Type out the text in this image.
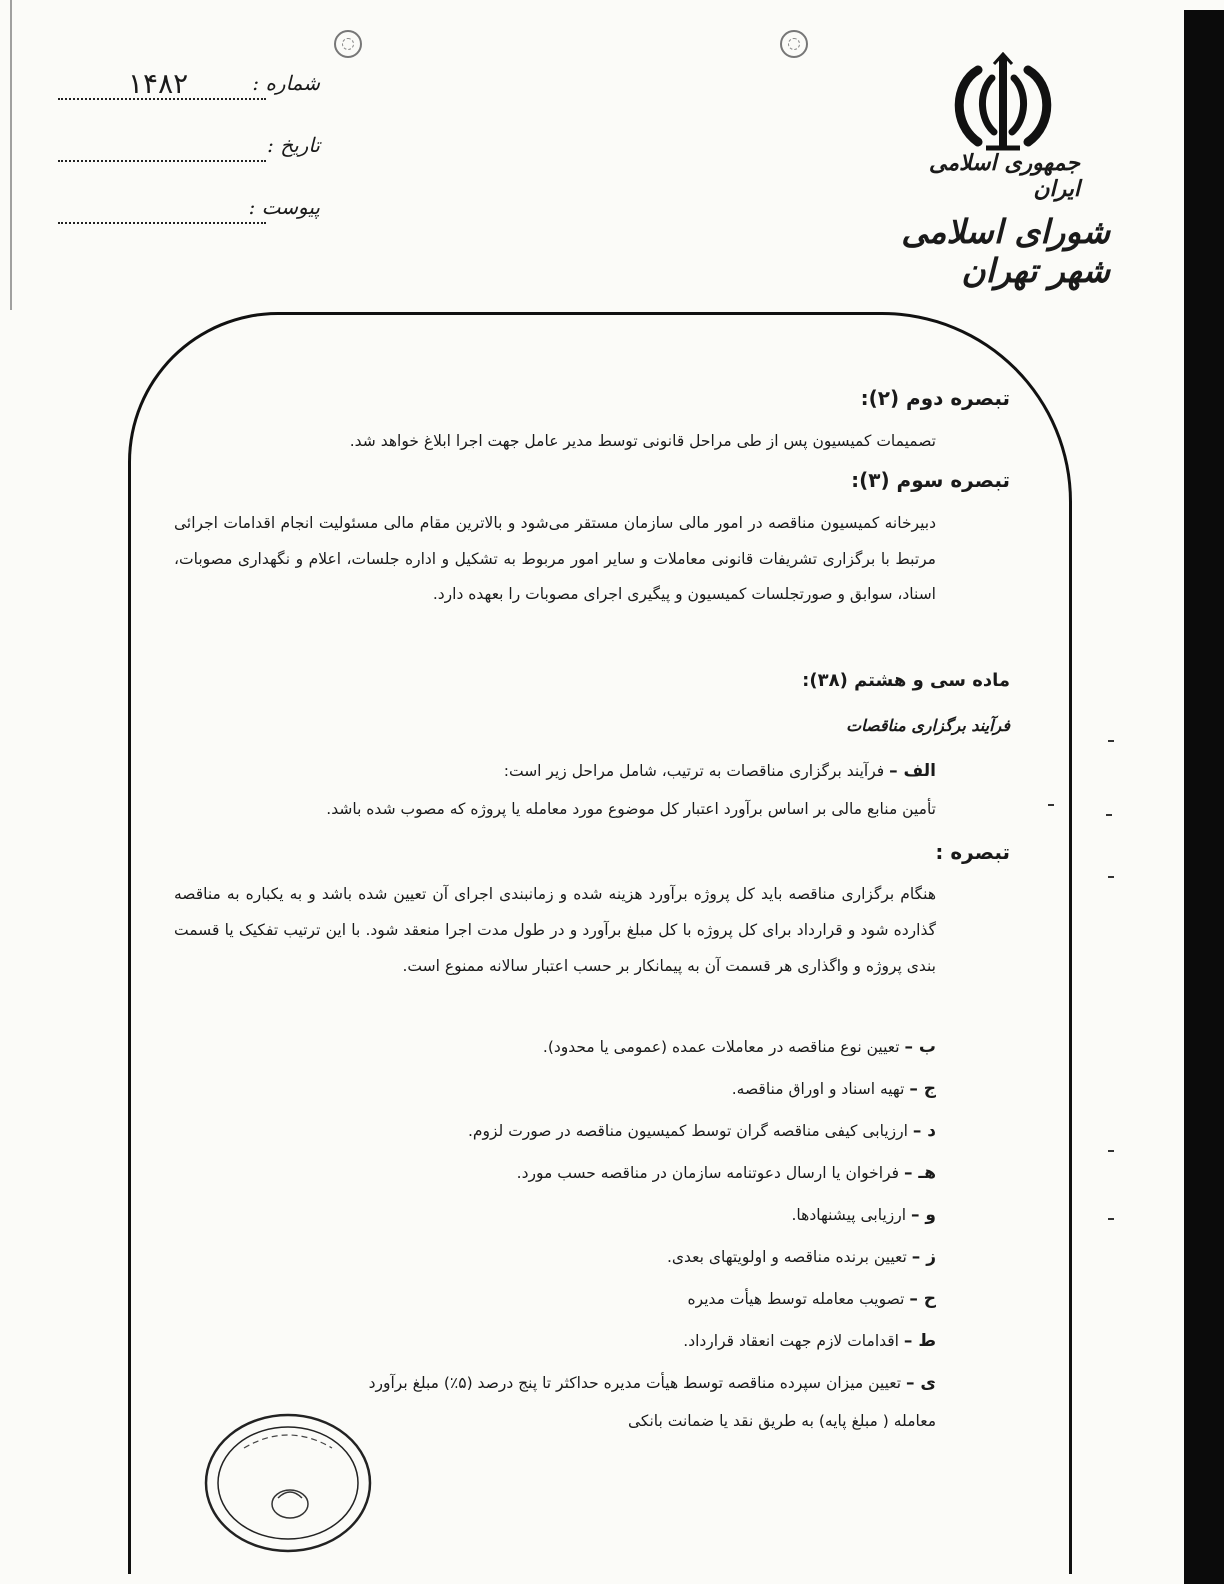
شماره :
۱۴۸۲
تاریخ :
پیوست :
جمهوری اسلامی ایران
شورای اسلامی شهر تهران
تبصره دوم (۲):
تصمیمات کمیسیون پس از طی مراحل قانونی توسط مدیر عامل جهت اجرا ابلاغ خواهد شد.
تبصره سوم (۳):
دبیرخانه کمیسیون مناقصه در امور مالی سازمان مستقر می‌شود و بالاترین مقام مالی مسئولیت انجام اقدامات اجرائی مرتبط با برگزاری تشریفات قانونی معاملات و سایر امور مربوط به تشکیل و اداره جلسات، اعلام و نگهداری مصوبات، اسناد، سوابق و صورتجلسات کمیسیون و پیگیری اجرای مصوبات را بعهده دارد.
ماده سی و هشتم (۳۸):
فرآیند برگزاری مناقصات
الف – فرآیند برگزاری مناقصات به ترتیب، شامل مراحل زیر است:
تأمین منابع مالی بر اساس برآورد اعتبار کل موضوع مورد معامله یا پروژه که مصوب شده باشد.
تبصره :
هنگام برگزاری مناقصه باید کل پروژه برآورد هزینه شده و زمانبندی اجرای آن تعیین شده باشد و به یکباره به مناقصه گذارده شود و قرارداد برای کل پروژه با کل مبلغ برآورد و در طول مدت اجرا منعقد شود. با این ترتیب تفکیک یا قسمت بندی پروژه و واگذاری هر قسمت آن به پیمانکار بر حسب اعتبار سالانه ممنوع است.
ب – تعیین نوع مناقصه در معاملات عمده (عمومی یا محدود).
ج – تهیه اسناد و اوراق مناقصه.
د – ارزیابی کیفی مناقصه گران توسط کمیسیون مناقصه در صورت لزوم.
هـ – فراخوان یا ارسال دعوتنامه سازمان در مناقصه حسب مورد.
و – ارزیابی پیشنهادها.
ز – تعیین برنده مناقصه و اولویتهای بعدی.
ح – تصویب معامله توسط هیأت مدیره
ط – اقدامات لازم جهت انعقاد قرارداد.
ی – تعیین میزان سپرده مناقصه توسط هیأت مدیره حداکثر تا پنج درصد (۵٪) مبلغ برآورد
معامله ( مبلغ پایه) به طریق نقد یا ضمانت بانکی
